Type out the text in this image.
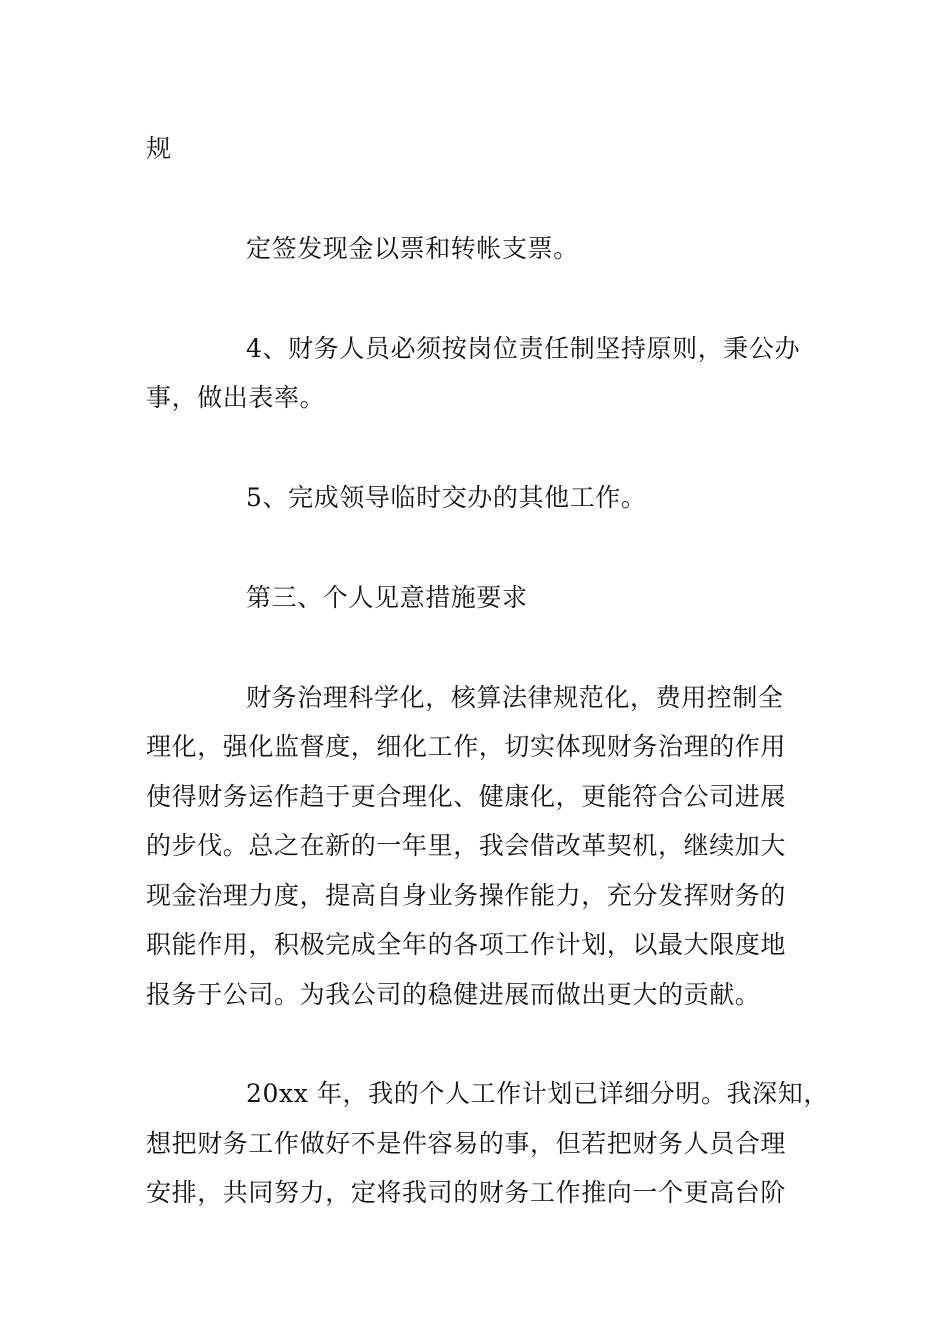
规
定签发现金以票和转帐支票。
4、财务人员必须按岗位责任制坚持原则，秉公办
事，做出表率。
5、完成领导临时交办的其他工作。
第三、个人见意措施要求
财务治理科学化，核算法律规范化，费用控制全
理化，强化监督度，细化工作，切实体现财务治理的作用
使得财务运作趋于更合理化、健康化，更能符合公司进展
的步伐。总之在新的一年里，我会借改革契机，继续加大
现金治理力度，提高自身业务操作能力，充分发挥财务的
职能作用，积极完成全年的各项工作计划，以最大限度地
报务于公司。为我公司的稳健进展而做出更大的贡献。
20xx 年，我的个人工作计划已详细分明。我深知，
想把财务工作做好不是件容易的事，但若把财务人员合理
安排，共同努力，定将我司的财务工作推向一个更高台阶
